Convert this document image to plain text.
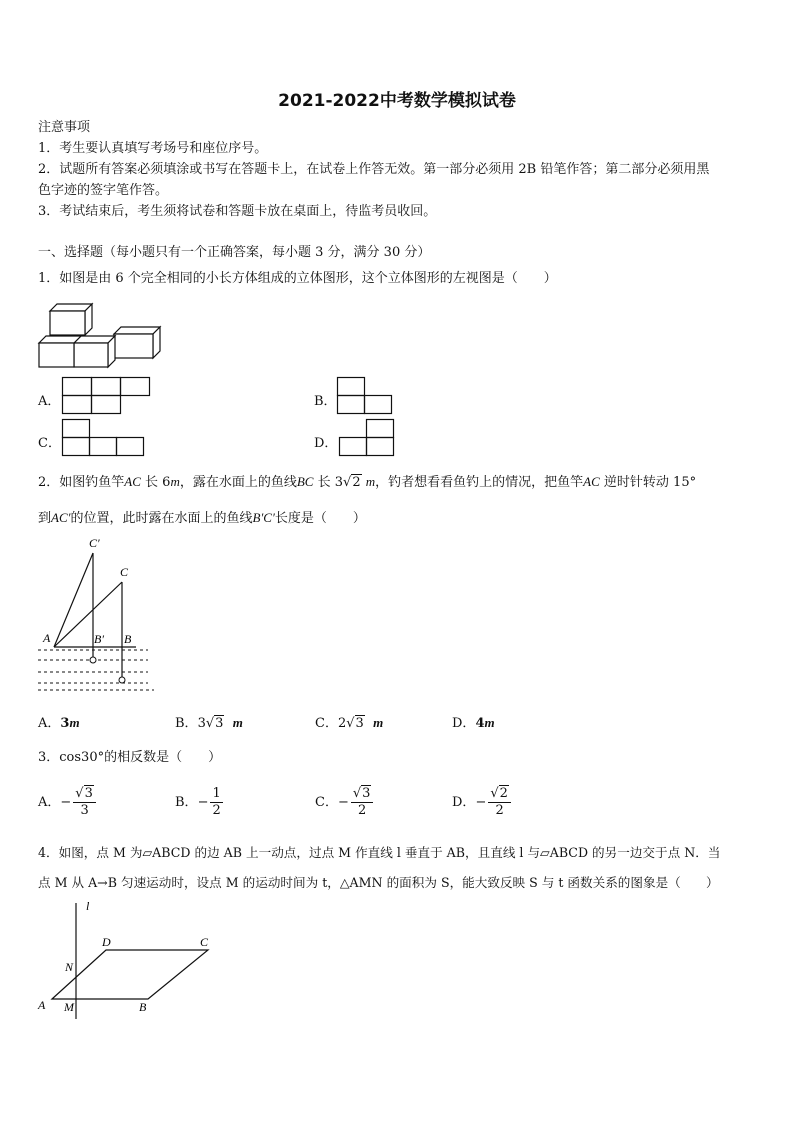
2021-2022中考数学模拟试卷
注意事项
1．考生要认真填写考场号和座位序号。
2．试题所有答案必须填涂或书写在答题卡上，在试卷上作答无效。第一部分必须用 2B 铅笔作答；第二部分必须用黑
色字迹的签字笔作答。
3．考试结束后，考生须将试卷和答题卡放在桌面上，待监考员收回。
一、选择题（每小题只有一个正确答案，每小题 3 分，满分 30 分）
1．如图是由 6 个完全相同的小长方体组成的立体图形，这个立体图形的左视图是（　　）
A．	B．
C．	D．
2．如图钓鱼竿AC 长 6m，露在水面上的鱼线BC 长 3√2 m，钓者想看看鱼钓上的情况，把鱼竿AC 逆时针转动 15°
到AC′的位置，此时露在水面上的鱼线B′C′长度是（　　）
C′
C
A	B′ B
A．3m	B．3√3 m	C．2√3 m	D．4m
3．cos30°的相反数是（　　）
A．− $\frac{√3}{3}$	B．− $\frac{1}{2}$	C．− $\frac{√3}{2}$	D．− $\frac{√2}{2}$
4．如图，点 M 为▱ABCD 的边 AB 上一动点，过点 M 作直线 l 垂直于 AB，且直线 l 与▱ABCD 的另一边交于点 N．当
点 M 从 A→B 匀速运动时，设点 M 的运动时间为 t，△AMN 的面积为 S，能大致反映 S 与 t 函数关系的图象是（　　）
l
D	C
N
A M	B
